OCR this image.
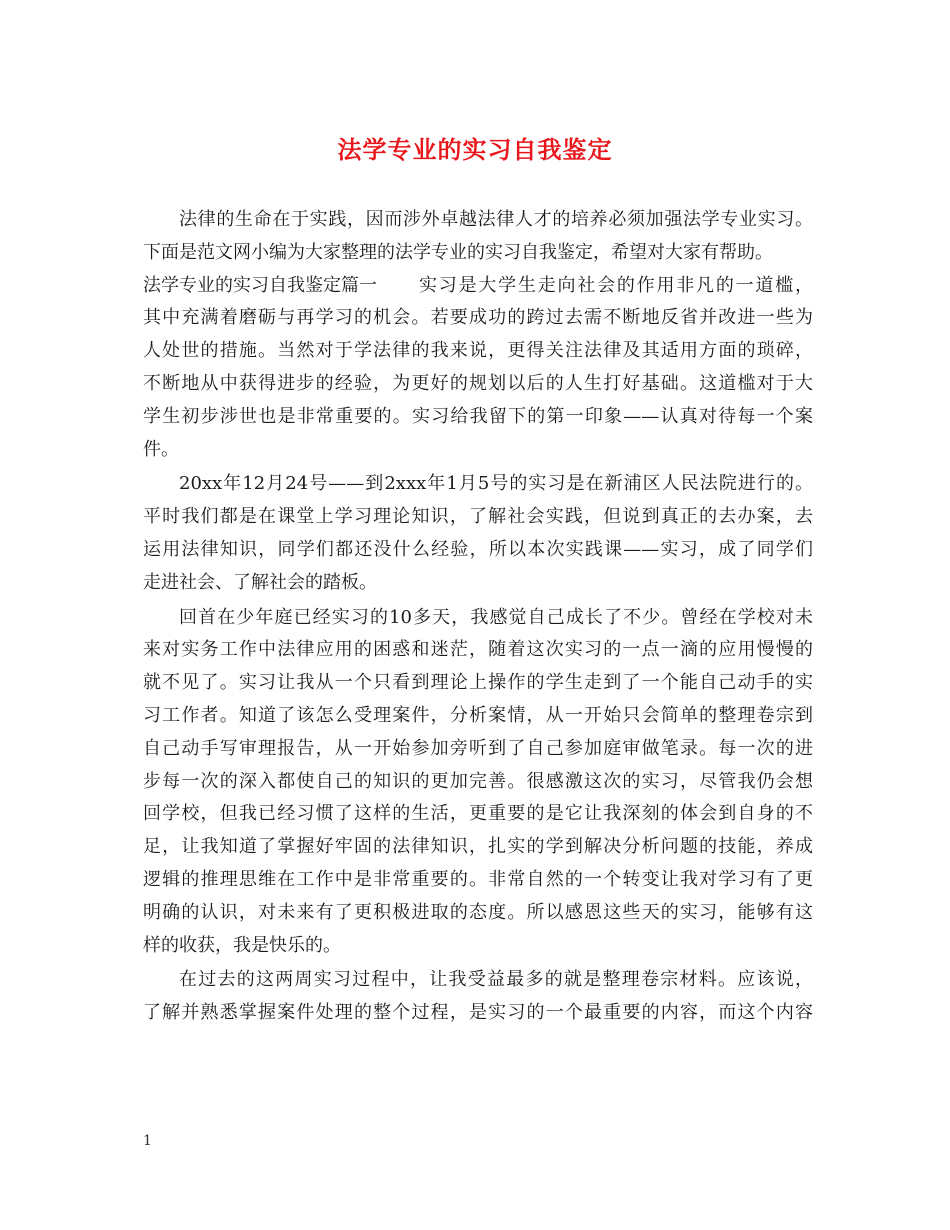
法学专业的实习自我鉴定
法律的生命在于实践，因而涉外卓越法律人才的培养必须加强法学专业实习。
下面是范文网小编为大家整理的法学专业的实习自我鉴定，希望对大家有帮助。
法学专业的实习自我鉴定篇一	实习是大学生走向社会的作用非凡的一道槛，
其中充满着磨砺与再学习的机会。若要成功的跨过去需不断地反省并改进一些为
人处世的措施。当然对于学法律的我来说，更得关注法律及其适用方面的琐碎，
不断地从中获得进步的经验，为更好的规划以后的人生打好基础。这道槛对于大
学生初步涉世也是非常重要的。实习给我留下的第一印象——认真对待每一个案
件。
20xx年12月24号——到2xxx年1月5号的实习是在新浦区人民法院进行的。
平时我们都是在课堂上学习理论知识，了解社会实践，但说到真正的去办案，去
运用法律知识，同学们都还没什么经验，所以本次实践课——实习，成了同学们
走进社会、了解社会的踏板。
回首在少年庭已经实习的10多天，我感觉自己成长了不少。曾经在学校对未
来对实务工作中法律应用的困惑和迷茫，随着这次实习的一点一滴的应用慢慢的
就不见了。实习让我从一个只看到理论上操作的学生走到了一个能自己动手的实
习工作者。知道了该怎么受理案件，分析案情，从一开始只会简单的整理卷宗到
自己动手写审理报告，从一开始参加旁听到了自己参加庭审做笔录。每一次的进
步每一次的深入都使自己的知识的更加完善。很感激这次的实习，尽管我仍会想
回学校，但我已经习惯了这样的生活，更重要的是它让我深刻的体会到自身的不
足，让我知道了掌握好牢固的法律知识，扎实的学到解决分析问题的技能，养成
逻辑的推理思维在工作中是非常重要的。非常自然的一个转变让我对学习有了更
明确的认识，对未来有了更积极进取的态度。所以感恩这些天的实习，能够有这
样的收获，我是快乐的。
在过去的这两周实习过程中，让我受益最多的就是整理卷宗材料。应该说，
了解并熟悉掌握案件处理的整个过程，是实习的一个最重要的内容，而这个内容
1
